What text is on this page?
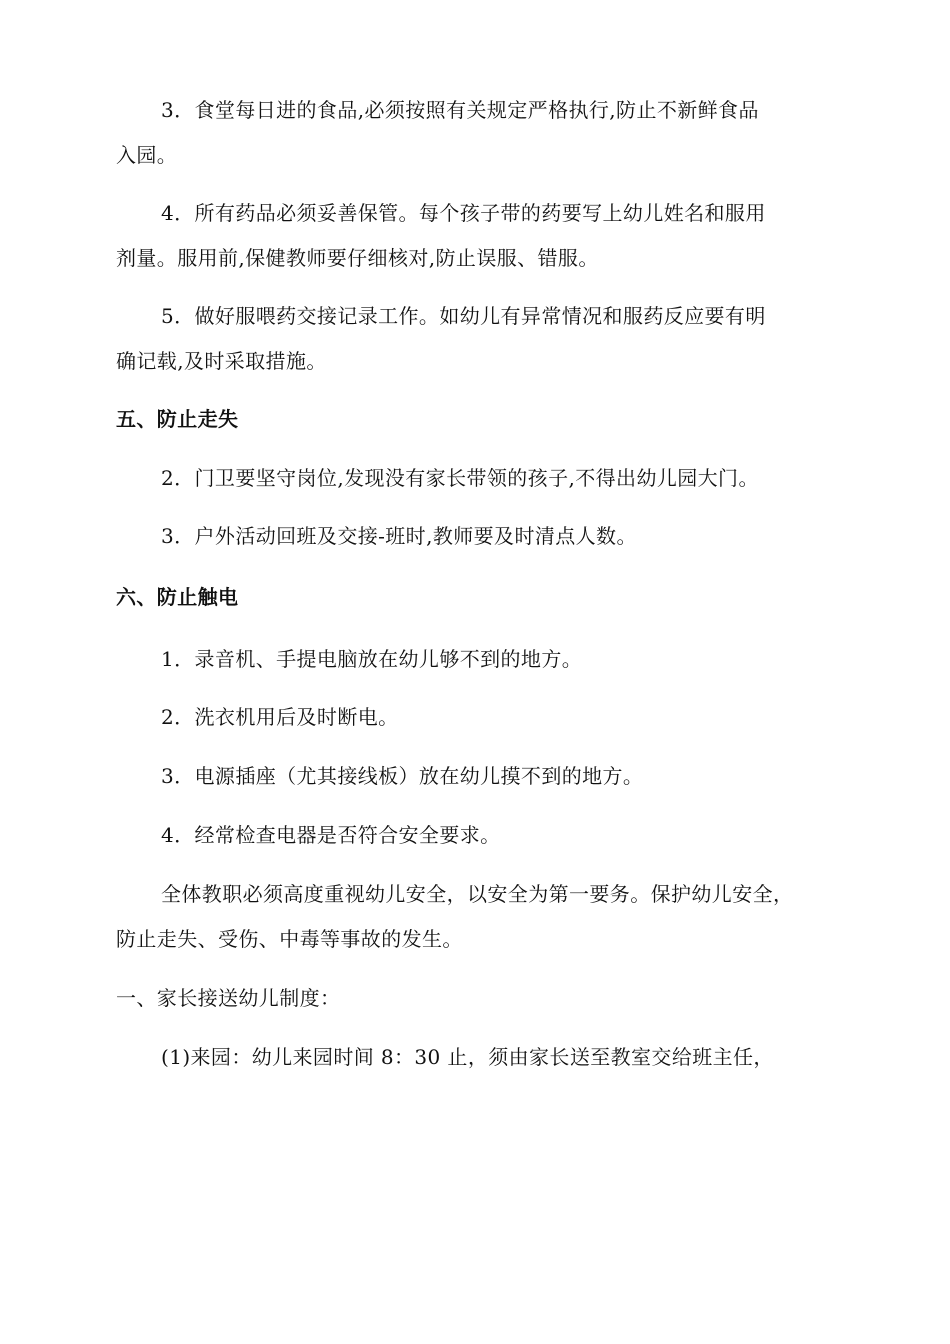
3．食堂每日进的食品,必须按照有关规定严格执行,防止不新鲜食品
入园。
4．所有药品必须妥善保管。每个孩子带的药要写上幼儿姓名和服用
剂量。服用前,保健教师要仔细核对,防止误服、错服。
5．做好服喂药交接记录工作。如幼儿有异常情况和服药反应要有明
确记载,及时采取措施。
五、防止走失
2．门卫要坚守岗位,发现没有家长带领的孩子,不得出幼儿园大门。
3．户外活动回班及交接-班时,教师要及时清点人数。
六、防止触电
1．录音机、手提电脑放在幼儿够不到的地方。
2．洗衣机用后及时断电。
3．电源插座（尤其接线板）放在幼儿摸不到的地方。
4．经常检查电器是否符合安全要求。
全体教职必须高度重视幼儿安全，以安全为第一要务。保护幼儿安全，
防止走失、受伤、中毒等事故的发生。
一、家长接送幼儿制度：
(1)来园：幼儿来园时间 8：30 止，须由家长送至教室交给班主任，
